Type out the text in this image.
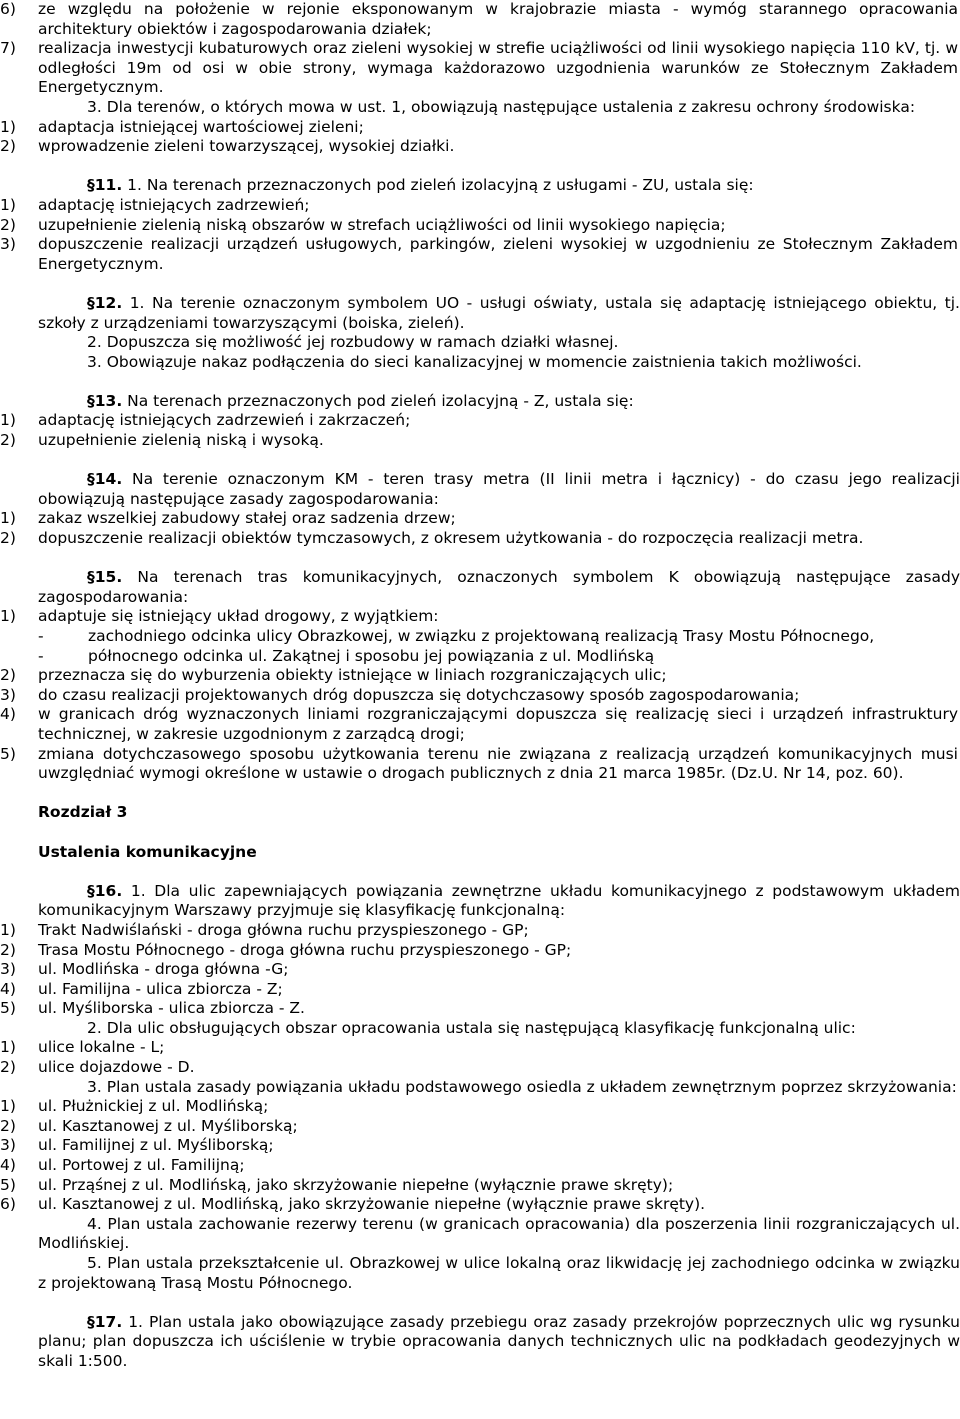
6)	ze względu na położenie w rejonie eksponowanym w krajobrazie miasta - wymóg starannego opracowania architektury obiektów i zagospodarowania działek;
7)	realizacja inwestycji kubaturowych oraz zieleni wysokiej w strefie uciążliwości od linii wysokiego napięcia 110 kV, tj. w odległości 19m od osi w obie strony, wymaga każdorazowo uzgodnienia warunków ze Stołecznym Zakładem Energetycznym.

3. Dla terenów, o których mowa w ust. 1, obowiązują następujące ustalenia z zakresu ochrony środowiska:

1)	adaptacja istniejącej wartościowej zieleni;
2)	wprowadzenie zieleni towarzyszącej, wysokiej działki.

§11. 1. Na terenach przeznaczonych pod zieleń izolacyjną z usługami - ZU, ustala się:

1)	adaptację istniejących zadrzewień;
2)	uzupełnienie zielenią niską obszarów w strefach uciążliwości od linii wysokiego napięcia;
3)	dopuszczenie realizacji urządzeń usługowych, parkingów, zieleni wysokiej w uzgodnieniu ze Stołecznym Zakładem Energetycznym.

§12. 1. Na terenie oznaczonym symbolem UO - usługi oświaty, ustala się adaptację istniejącego obiektu, tj. szkoły z urządzeniami towarzyszącymi (boiska, zieleń).

2. Dopuszcza się możliwość jej rozbudowy w ramach działki własnej.

3. Obowiązuje nakaz podłączenia do sieci kanalizacyjnej w momencie zaistnienia takich możliwości.

§13. Na terenach przeznaczonych pod zieleń izolacyjną - Z, ustala się:

1)	adaptację istniejących zadrzewień i zakrzaczeń;
2)	uzupełnienie zielenią niską i wysoką.

§14. Na terenie oznaczonym KM - teren trasy metra (II linii metra i łącznicy) - do czasu jego realizacji obowiązują następujące zasady zagospodarowania:

1)	zakaz wszelkiej zabudowy stałej oraz sadzenia drzew;
2)	dopuszczenie realizacji obiektów tymczasowych, z okresem użytkowania - do rozpoczęcia realizacji metra.

§15. Na terenach tras komunikacyjnych, oznaczonych symbolem K obowiązują następujące zasady zagospodarowania:

1)	adaptuje się istniejący układ drogowy, z wyjątkiem:
-	zachodniego odcinka ulicy Obrazkowej, w związku z projektowaną realizacją Trasy Mostu Północnego,
-	północnego odcinka ul. Zakątnej i sposobu jej powiązania z ul. Modlińską
2)	przeznacza się do wyburzenia obiekty istniejące w liniach rozgraniczających ulic;
3)	do czasu realizacji projektowanych dróg dopuszcza się dotychczasowy sposób zagospodarowania;
4)	w granicach dróg wyznaczonych liniami rozgraniczającymi dopuszcza się realizację sieci i urządzeń infrastruktury technicznej, w zakresie uzgodnionym z zarządcą drogi;
5)	zmiana dotychczasowego sposobu użytkowania terenu nie związana z realizacją urządzeń komunikacyjnych musi uwzględniać wymogi określone w ustawie o drogach publicznych z dnia 21 marca 1985r. (Dz.U. Nr 14, poz. 60).

Rozdział 3

Ustalenia komunikacyjne

§16. 1. Dla ulic zapewniających powiązania zewnętrzne układu komunikacyjnego z podstawowym układem komunikacyjnym Warszawy przyjmuje się klasyfikację funkcjonalną:

1)	Trakt Nadwiślański - droga główna ruchu przyspieszonego - GP;
2)	Trasa Mostu Północnego - droga główna ruchu przyspieszonego - GP;
3)	ul. Modlińska - droga główna -G;
4)	ul. Familijna - ulica zbiorcza - Z;
5)	ul. Myśliborska - ulica zbiorcza - Z.

2. Dla ulic obsługujących obszar opracowania ustala się następującą klasyfikację funkcjonalną ulic:

1)	ulice lokalne - L;
2)	ulice dojazdowe - D.

3. Plan ustala zasady powiązania układu podstawowego osiedla z układem zewnętrznym poprzez skrzyżowania:

1)	ul. Płużnickiej z ul. Modlińską;
2)	ul. Kasztanowej z ul. Myśliborską;
3)	ul. Familijnej z ul. Myśliborską;
4)	ul. Portowej z ul. Familijną;
5)	ul. Prząśnej z ul. Modlińską, jako skrzyżowanie niepełne (wyłącznie prawe skręty);
6)	ul. Kasztanowej z ul. Modlińską, jako skrzyżowanie niepełne (wyłącznie prawe skręty).

4. Plan ustala zachowanie rezerwy terenu (w granicach opracowania) dla poszerzenia linii rozgraniczających ul. Modlińskiej.

5. Plan ustala przekształcenie ul. Obrazkowej w ulice lokalną oraz likwidację jej zachodniego odcinka w związku z projektowaną Trasą Mostu Północnego.

§17. 1. Plan ustala jako obowiązujące zasady przebiegu oraz zasady przekrojów poprzecznych ulic wg rysunku planu; plan dopuszcza ich uściślenie w trybie opracowania danych technicznych ulic na podkładach geodezyjnych w skali 1:500.
